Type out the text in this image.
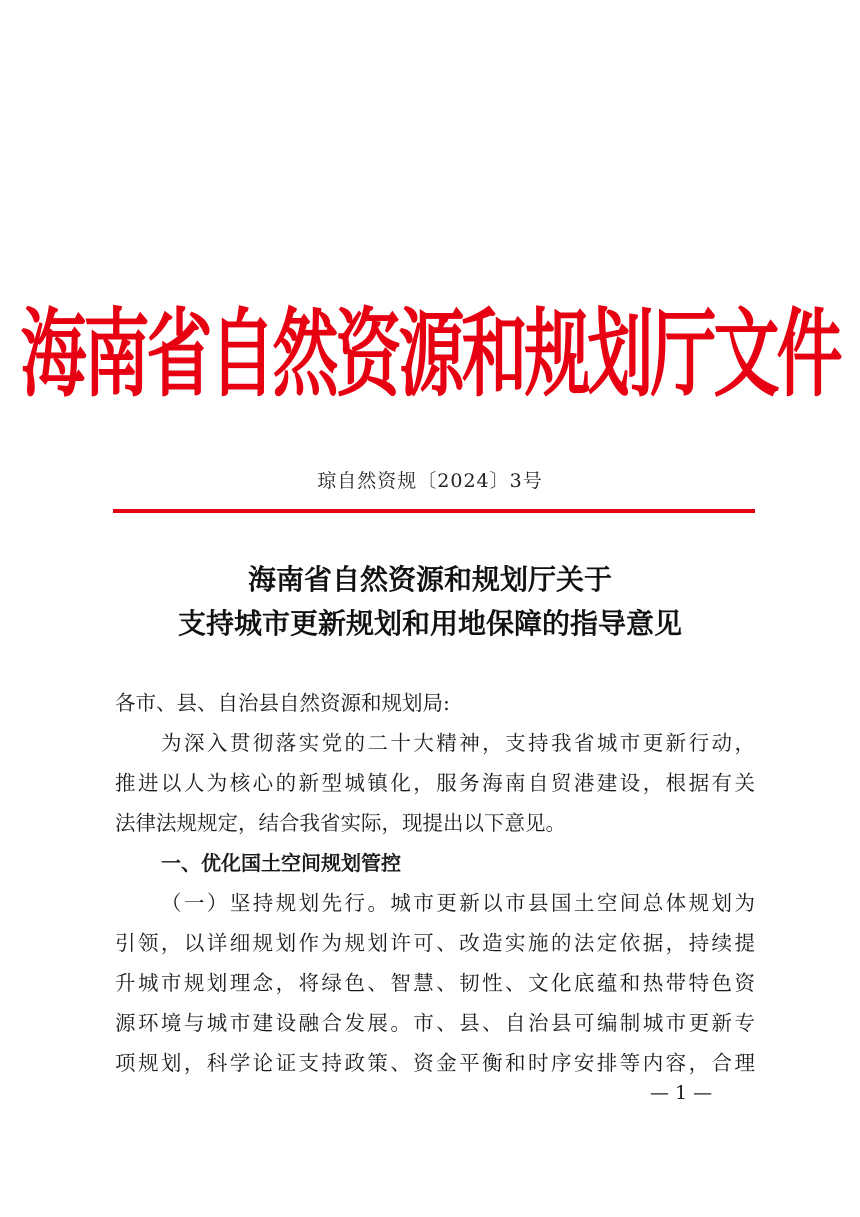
海南省自然资源和规划厅文件
琼自然资规〔2024〕3号
海南省自然资源和规划厅关于
支持城市更新规划和用地保障的指导意见
各市、县、自治县自然资源和规划局:
为深入贯彻落实党的二十大精神，支持我省城市更新行动，
推进以人为核心的新型城镇化，服务海南自贸港建设，根据有关
法律法规规定，结合我省实际，现提出以下意见。
一、优化国土空间规划管控
（一）坚持规划先行。城市更新以市县国土空间总体规划为
引领，以详细规划作为规划许可、改造实施的法定依据，持续提
升城市规划理念，将绿色、智慧、韧性、文化底蕴和热带特色资
源环境与城市建设融合发展。市、县、自治县可编制城市更新专
项规划，科学论证支持政策、资金平衡和时序安排等内容，合理
— 1 —
